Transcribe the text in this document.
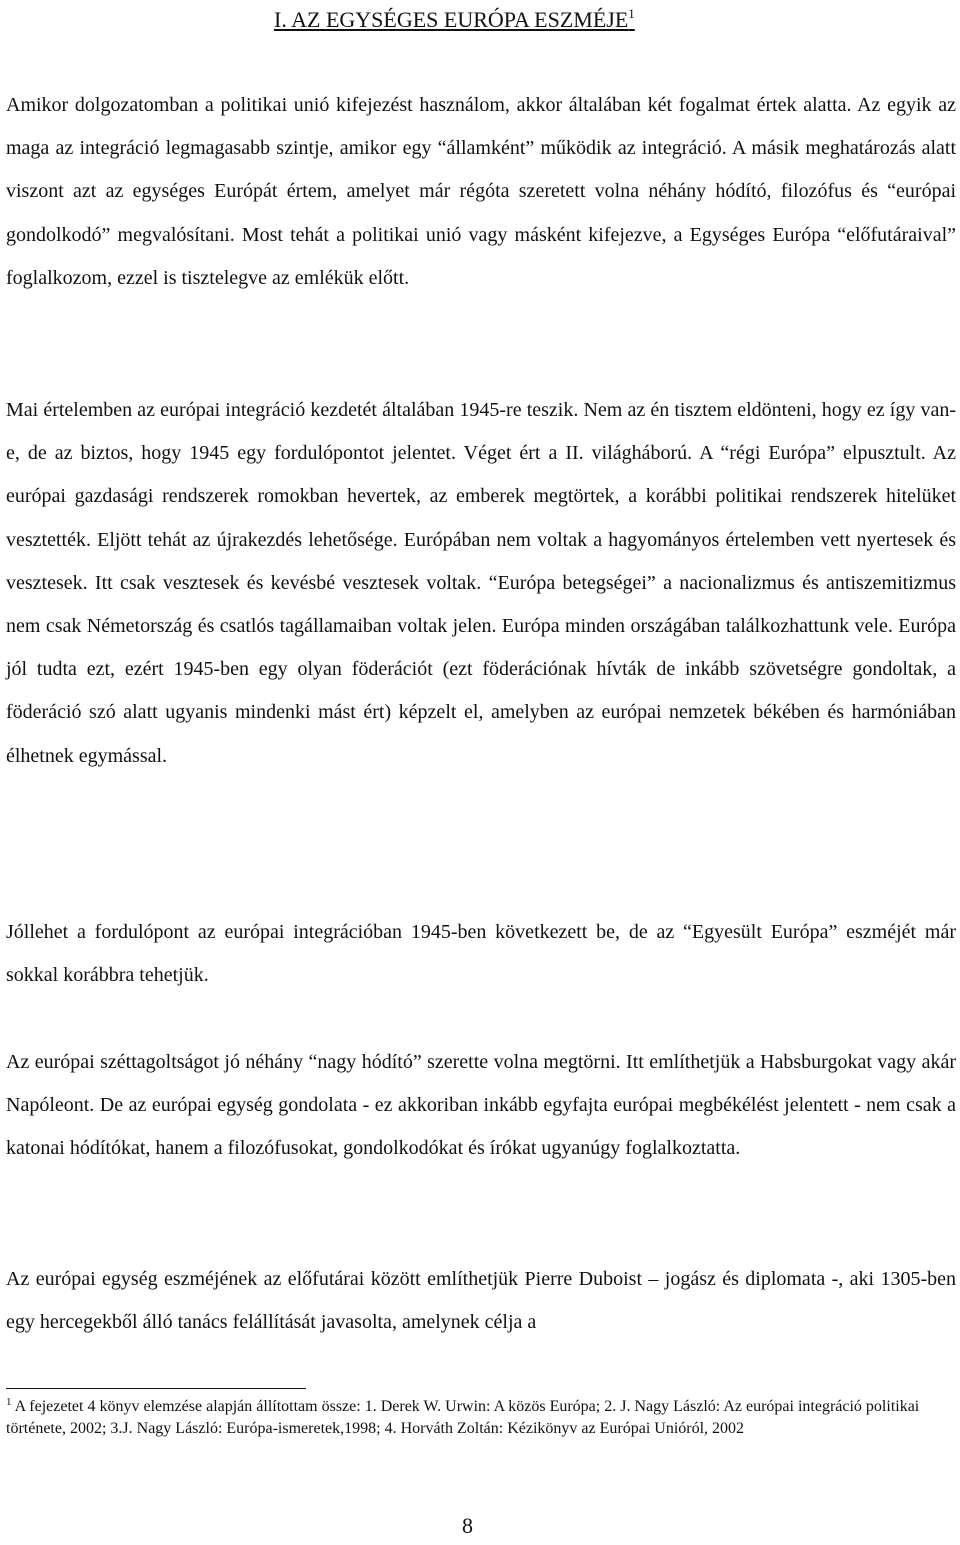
I. AZ EGYSÉGES EURÓPA ESZMÉJE$^1$

Amikor dolgozatomban a politikai unió kifejezést használom, akkor általában két fogalmat értek alatta. Az egyik az maga az integráció legmagasabb szintje, amikor egy “államként” működik az integráció. A másik meghatározás alatt viszont azt az egységes Európát értem, amelyet már régóta szeretett volna néhány hódító, filozófus és “európai gondolkodó” megvalósítani. Most tehát a politikai unió vagy másként kifejezve, a Egységes Európa “előfutáraival” foglalkozom, ezzel is tisztelegve az emlékük előtt.

Mai értelemben az európai integráció kezdetét általában 1945-re teszik. Nem az én tisztem eldönteni, hogy ez így van-e, de az biztos, hogy 1945 egy fordulópontot jelentet. Véget ért a II. világháború. A “régi Európa” elpusztult. Az európai gazdasági rendszerek romokban hevertek, az emberek megtörtek, a korábbi politikai rendszerek hitelüket vesztették. Eljött tehát az újrakezdés lehetősége. Európában nem voltak a hagyományos értelemben vett nyertesek és vesztesek. Itt csak vesztesek és kevésbé vesztesek voltak. “Európa betegségei” a nacionalizmus és antiszemitizmus nem csak Németország és csatlós tagállamaiban voltak jelen. Európa minden országában találkozhattunk vele. Európa jól tudta ezt, ezért 1945-ben egy olyan föderációt (ezt föderációnak hívták de inkább szövetségre gondoltak, a föderáció szó alatt ugyanis mindenki mást ért) képzelt el, amelyben az európai nemzetek békében és harmóniában élhetnek egymással.

Jóllehet a fordulópont az európai integrációban 1945-ben következett be, de az “Egyesült Európa” eszméjét már sokkal korábbra tehetjük.

Az európai széttagoltságot jó néhány “nagy hódító” szerette volna megtörni. Itt említhetjük a Habsburgokat vagy akár Napóleont. De az európai egység gondolata - ez akkoriban inkább egyfajta európai megbékélést jelentett - nem csak a katonai hódítókat, hanem a filozófusokat, gondolkodókat és írókat ugyanúgy foglalkoztatta.

Az európai egység eszméjének az előfutárai között említhetjük Pierre Duboist – jogász és diplomata -, aki 1305-ben egy hercegekből álló tanács felállítását javasolta, amelynek célja a

$^1$ A fejezetet 4 könyv elemzése alapján állítottam össze: 1. Derek W. Urwin: A közös Európa; 2. J. Nagy László: Az európai integráció politikai története, 2002; 3.J. Nagy László: Európa-ismeretek,1998; 4. Horváth Zoltán: Kézikönyv az Európai Unióról, 2002

8
